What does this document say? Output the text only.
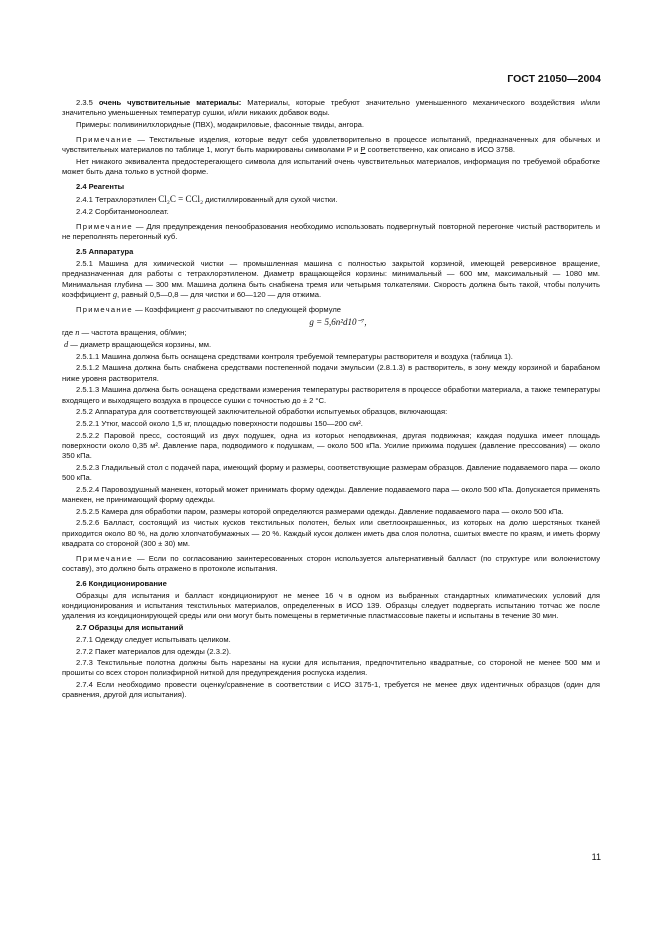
ГОСТ 21050—2004

2.3.5 очень чувствительные материалы: Материалы, которые требуют значительно уменьшенного механического воздействия и/или значительно уменьшенных температур сушки, и/или никаких добавок воды.

Примеры: поливинилхлоридные (ПВХ), модакриловые, фасонные твиды, ангора.

Примечание — Текстильные изделия, которые ведут себя удовлетворительно в процессе испытаний, предназначенных для обычных и чувствительных материалов по таблице 1, могут быть маркированы символами Р и Р соответственно, как описано в ИСО 3758.

Нет никакого эквивалента предостерегающего символа для испытаний очень чувствительных материалов, информация по требуемой обработке может быть дана только в устной форме.

2.4 Реагенты

2.4.1 Тетрахлорэтилен Cl₂C = CCl₂ дистиллированный для сухой чистки.

2.4.2 Сорбитанмоноолеат.

Примечание — Для предупреждения пенообразования необходимо использовать подвергнутый повторной перегонке чистый растворитель и не переполнять перегонный куб.

2.5 Аппаратура

2.5.1 Машина для химической чистки — промышленная машина с полностью закрытой корзиной, имеющей реверсивное вращение, предназначенная для работы с тетрахлорэтиленом. Диаметр вращающейся корзины: минимальный — 600 мм, максимальный — 1080 мм. Минимальная глубина — 300 мм. Машина должна быть снабжена тремя или четырьмя толкателями. Скорость должна быть такой, чтобы получить коэффициент g, равный 0,5—0,8 — для чистки и 60—120 — для отжима.

Примечание — Коэффициент g рассчитывают по следующей формуле

g = 5,6n²d10⁻⁷,

где n — частота вращения, об/мин;

d — диаметр вращающейся корзины, мм.

2.5.1.1 Машина должна быть оснащена средствами контроля требуемой температуры растворителя и воздуха (таблица 1).

2.5.1.2 Машина должна быть снабжена средствами постепенной подачи эмульсии (2.8.1.3) в растворитель, в зону между корзиной и барабаном ниже уровня растворителя.

2.5.1.3 Машина должна быть оснащена средствами измерения температуры растворителя в процессе обработки материала, а также температуры входящего и выходящего воздуха в процессе сушки с точностью до ± 2 °С.

2.5.2 Аппаратура для соответствующей заключительной обработки испытуемых образцов, включающая:

2.5.2.1 Утюг, массой около 1,5 кг, площадью поверхности подошвы 150—200 см².

2.5.2.2 Паровой пресс, состоящий из двух подушек, одна из которых неподвижная, другая подвижная; каждая подушка имеет площадь поверхности около 0,35 м². Давление пара, подводимого к подушкам, — около 500 кПа. Усилие прижима подушек (давление прессования) — около 350 кПа.

2.5.2.3 Гладильный стол с подачей пара, имеющий форму и размеры, соответствующие размерам образцов. Давление подаваемого пара — около 500 кПа.

2.5.2.4 Паровоздушный манекен, который может принимать форму одежды. Давление подаваемого пара — около 500 кПа. Допускается применять манекен, не принимающий форму одежды.

2.5.2.5 Камера для обработки паром, размеры которой определяются размерами одежды. Давление подаваемого пара — около 500 кПа.

2.5.2.6 Балласт, состоящий из чистых кусков текстильных полотен, белых или светлоокрашенных, из которых на долю шерстяных тканей приходится около 80 %, на долю хлопчатобумажных — 20 %. Каждый кусок должен иметь два слоя полотна, сшитых вместе по краям, и иметь форму квадрата со стороной (300 ± 30) мм.

Примечание — Если по согласованию заинтересованных сторон используется альтернативный балласт (по структуре или волокнистому составу), это должно быть отражено в протоколе испытания.

2.6 Кондиционирование

Образцы для испытания и балласт кондиционируют не менее 16 ч в одном из выбранных стандартных климатических условий для кондиционирования и испытания текстильных материалов, определенных в ИСО 139. Образцы следует подвергать испытанию тотчас же после удаления из кондиционирующей среды или они могут быть помещены в герметичные пластмассовые пакеты и испытаны в течение 30 мин.

2.7 Образцы для испытаний

2.7.1 Одежду следует испытывать целиком.

2.7.2 Пакет материалов для одежды (2.3.2).

2.7.3 Текстильные полотна должны быть нарезаны на куски для испытания, предпочтительно квадратные, со стороной не менее 500 мм и прошиты со всех сторон полиэфирной ниткой для предупреждения роспуска изделия.

2.7.4 Если необходимо провести оценку/сравнение в соответствии с ИСО 3175-1, требуется не менее двух идентичных образцов (один для сравнения, другой для испытания).

11
